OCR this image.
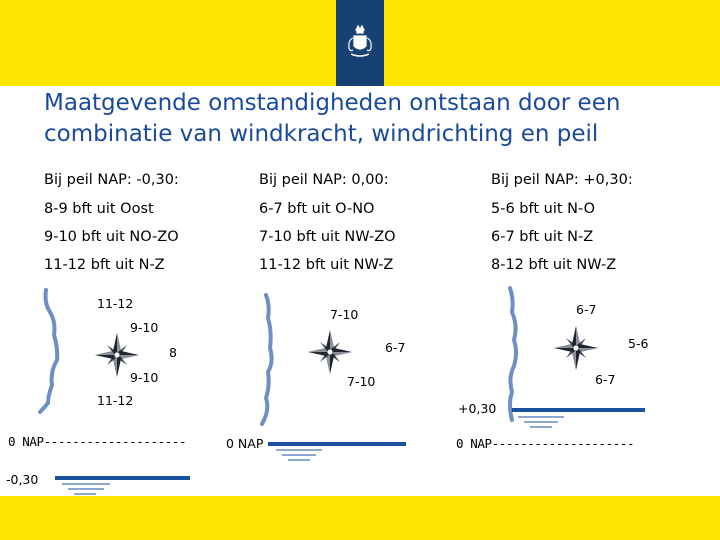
Maatgevende omstandigheden ontstaan door een
combinatie van windkracht, windrichting en peil
Bij peil NAP: -0,30:
8-9 bft uit Oost
9-10 bft uit NO-ZO
11-12 bft uit N-Z
Bij peil NAP: 0,00:
6-7 bft uit O-NO
7-10 bft uit NW-ZO
11-12 bft uit NW-Z
Bij peil NAP: +0,30:
5-6 bft uit N-O
6-7 bft uit N-Z
8-12 bft uit NW-Z
11-12
9-10
8
9-10
11-12
0 NAP--------------------
-0,30
7-10
6-7
7-10
0 NAP
6-7
5-6
6-7
+0,30
0 NAP--------------------
